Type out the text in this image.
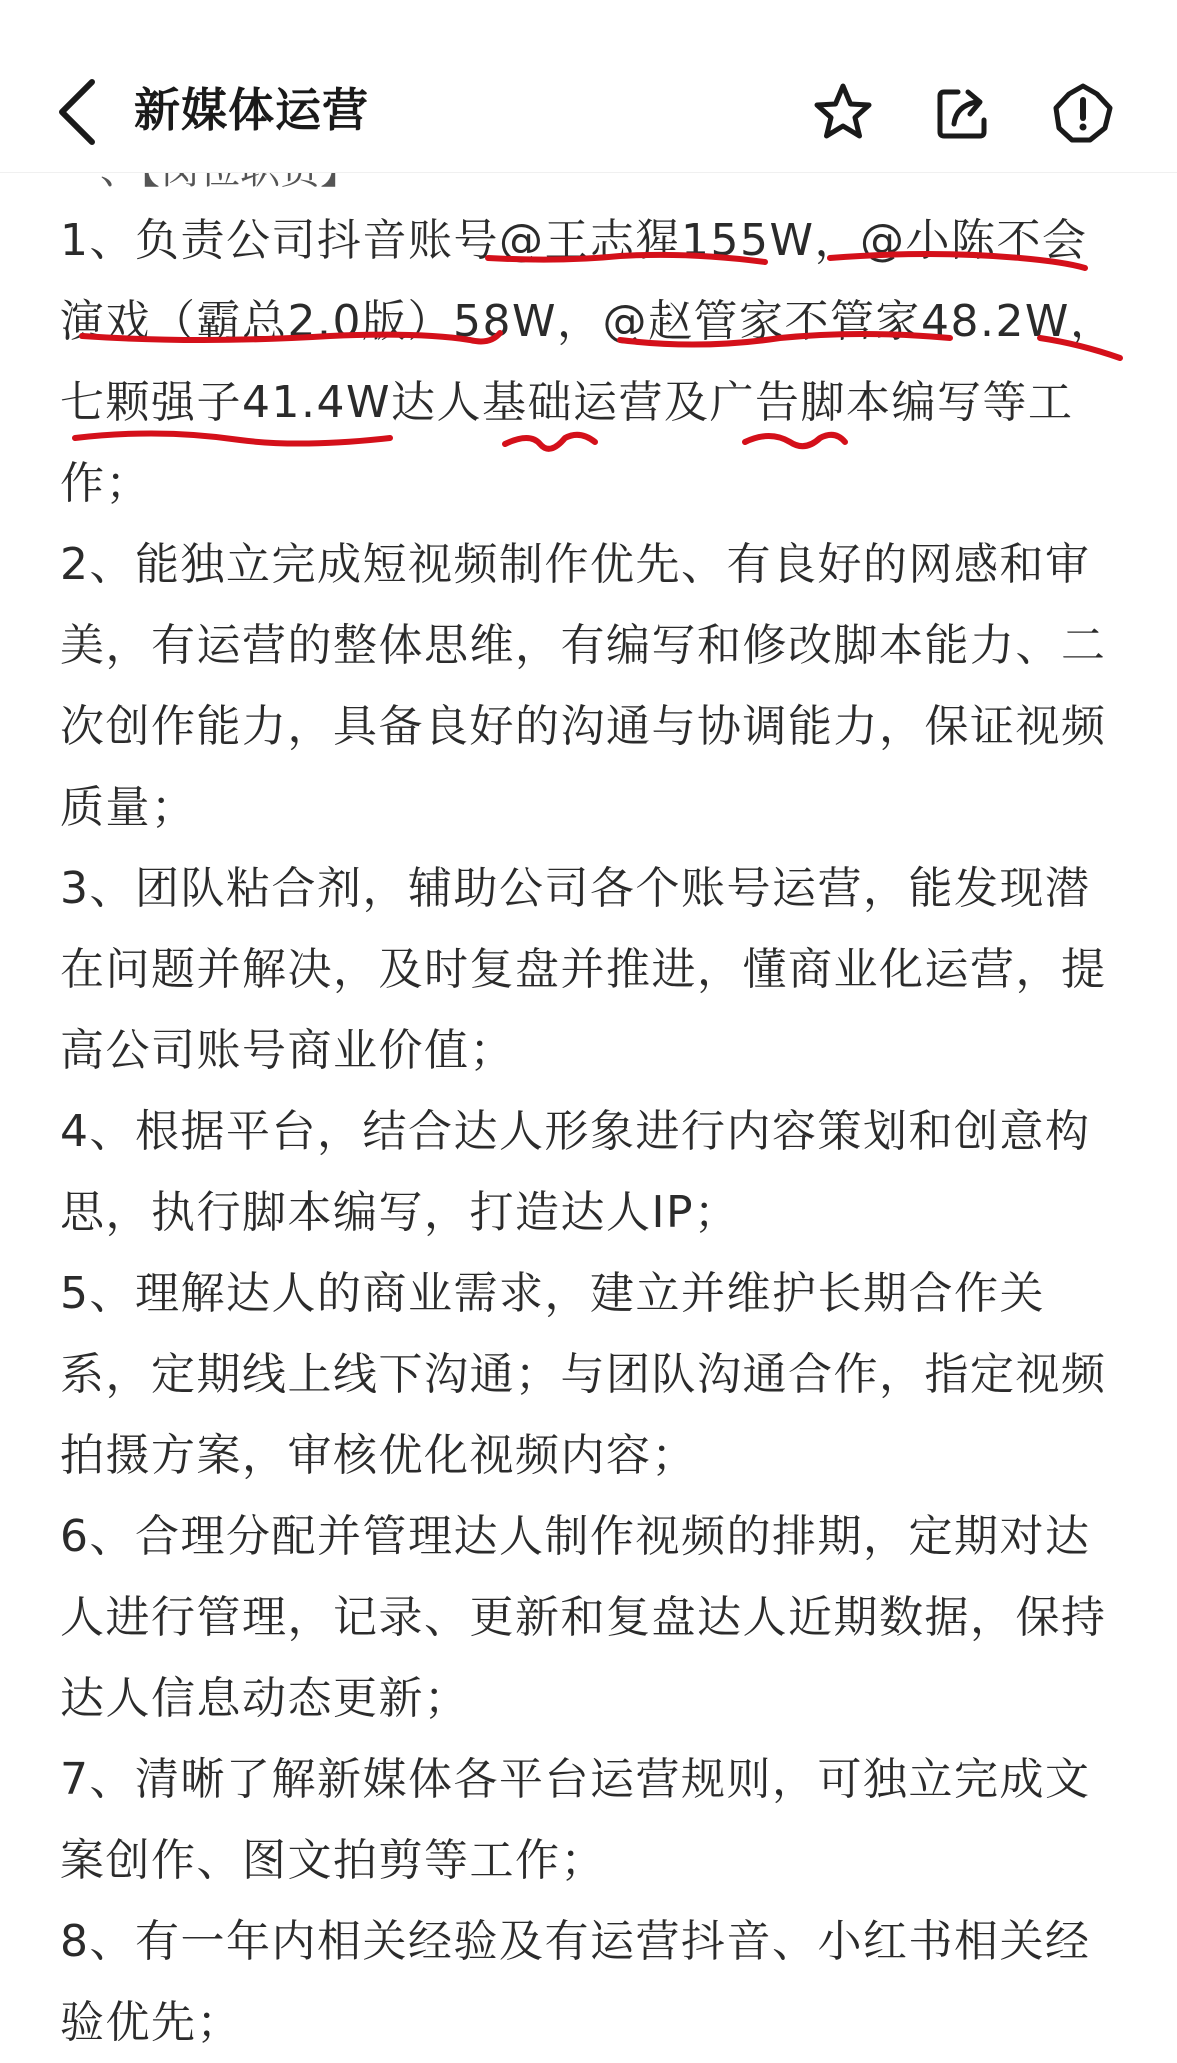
新媒体运营

1、负责公司抖音账号@王志猩155W，@小陈不会演戏（霸总2.0版）58W，@赵管家不管家48.2W，七颗强子41.4W达人基础运营及广告脚本编写等工作；

2、能独立完成短视频制作优先、有良好的网感和审美，有运营的整体思维，有编写和修改脚本能力、二次创作能力，具备良好的沟通与协调能力，保证视频质量；

3、团队粘合剂，辅助公司各个账号运营，能发现潜在问题并解决，及时复盘并推进，懂商业化运营，提高公司账号商业价值；

4、根据平台，结合达人形象进行内容策划和创意构思，执行脚本编写，打造达人IP；

5、理解达人的商业需求，建立并维护长期合作关系，定期线上线下沟通；与团队沟通合作，指定视频拍摄方案，审核优化视频内容；

6、合理分配并管理达人制作视频的排期，定期对达人进行管理，记录、更新和复盘达人近期数据，保持达人信息动态更新；

7、清晰了解新媒体各平台运营规则，可独立完成文案创作、图文拍剪等工作；

8、有一年内相关经验及有运营抖音、小红书相关经验优先；
